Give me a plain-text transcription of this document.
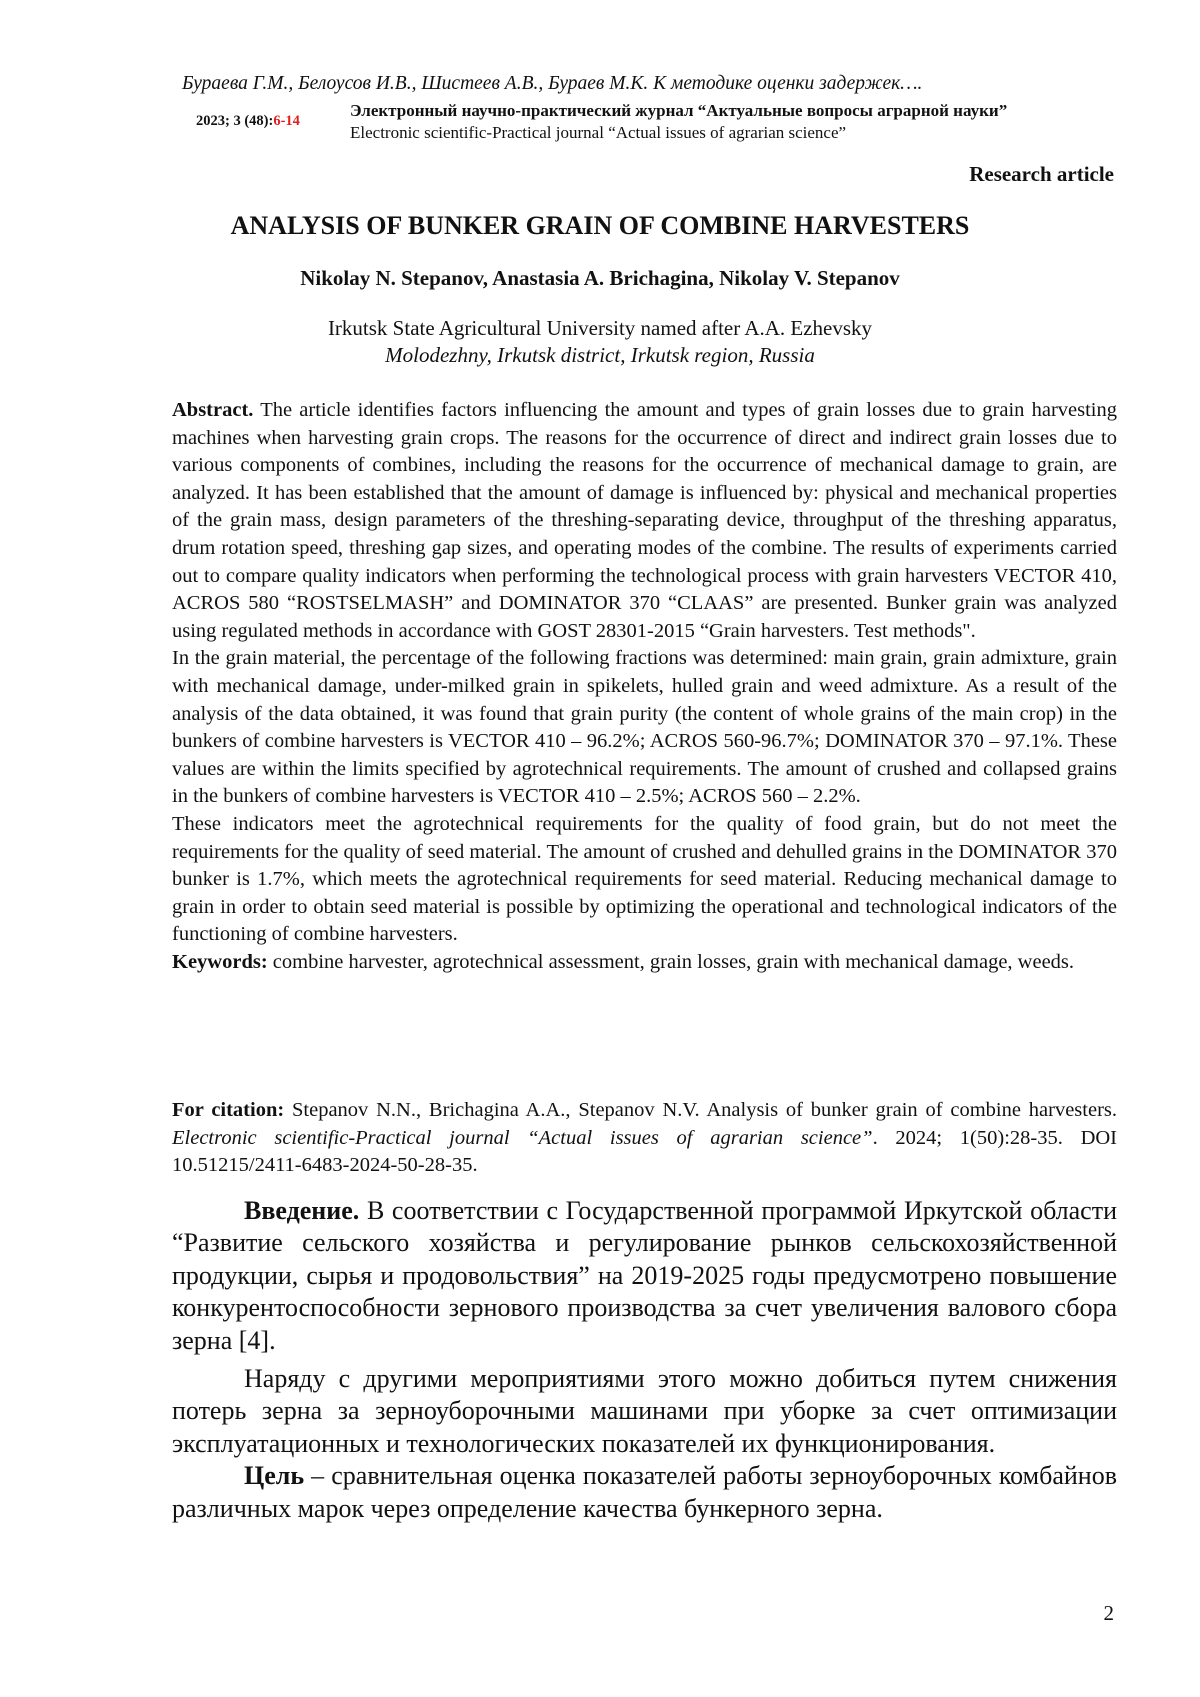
Бураева Г.М., Белоусов И.В., Шистеев А.В., Бураев М.К. К методике оценки задержек….
2023; 3 (48):6-14
Электронный научно-практический журнал “Актуальные вопросы аграрной науки”
Electronic scientific-Practical journal “Actual issues of agrarian science”
Research article
ANALYSIS OF BUNKER GRAIN OF COMBINE HARVESTERS
Nikolay N. Stepanov, Anastasia A. Brichagina, Nikolay V. Stepanov
Irkutsk State Agricultural University named after A.A. Ezhevsky
Molodezhny, Irkutsk district, Irkutsk region, Russia

Abstract. The article identifies factors influencing the amount and types of grain losses due to grain harvesting machines when harvesting grain crops. The reasons for the occurrence of direct and indirect grain losses due to various components of combines, including the reasons for the occurrence of mechanical damage to grain, are analyzed. It has been established that the amount of damage is influenced by: physical and mechanical properties of the grain mass, design parameters of the threshing-separating device, throughput of the threshing apparatus, drum rotation speed, threshing gap sizes, and operating modes of the combine. The results of experiments carried out to compare quality indicators when performing the technological process with grain harvesters VECTOR 410, ACROS 580 “ROSTSELMASH” and DOMINATOR 370 “CLAAS” are presented. Bunker grain was analyzed using regulated methods in accordance with GOST 28301-2015 “Grain harvesters. Test methods".

In the grain material, the percentage of the following fractions was determined: main grain, grain admixture, grain with mechanical damage, under-milked grain in spikelets, hulled grain and weed admixture. As a result of the analysis of the data obtained, it was found that grain purity (the content of whole grains of the main crop) in the bunkers of combine harvesters is VECTOR 410 – 96.2%; ACROS 560-96.7%; DOMINATOR 370 – 97.1%. These values are within the limits specified by agrotechnical requirements. The amount of crushed and collapsed grains in the bunkers of combine harvesters is VECTOR 410 – 2.5%; ACROS 560 – 2.2%.

These indicators meet the agrotechnical requirements for the quality of food grain, but do not meet the requirements for the quality of seed material. The amount of crushed and dehulled grains in the DOMINATOR 370 bunker is 1.7%, which meets the agrotechnical requirements for seed material. Reducing mechanical damage to grain in order to obtain seed material is possible by optimizing the operational and technological indicators of the functioning of combine harvesters.

Keywords: combine harvester, agrotechnical assessment, grain losses, grain with mechanical damage, weeds.

For citation: Stepanov N.N., Brichagina A.A., Stepanov N.V. Analysis of bunker grain of combine harvesters. Electronic scientific-Practical journal “Actual issues of agrarian science”. 2024; 1(50):28-35. DOI 10.51215/2411-6483-2024-50-28-35.

Введение. В соответствии с Государственной программой Иркутской области “Развитие сельского хозяйства и регулирование рынков сельскохозяйственной продукции, сырья и продовольствия” на 2019-2025 годы предусмотрено повышение конкурентоспособности зернового производства за счет увеличения валового сбора зерна [4].

Наряду с другими мероприятиями этого можно добиться путем снижения потерь зерна за зерноуборочными машинами при уборке за счет оптимизации эксплуатационных и технологических показателей их функционирования.

Цель – сравнительная оценка показателей работы зерноуборочных комбайнов различных марок через определение качества бункерного зерна.

2
